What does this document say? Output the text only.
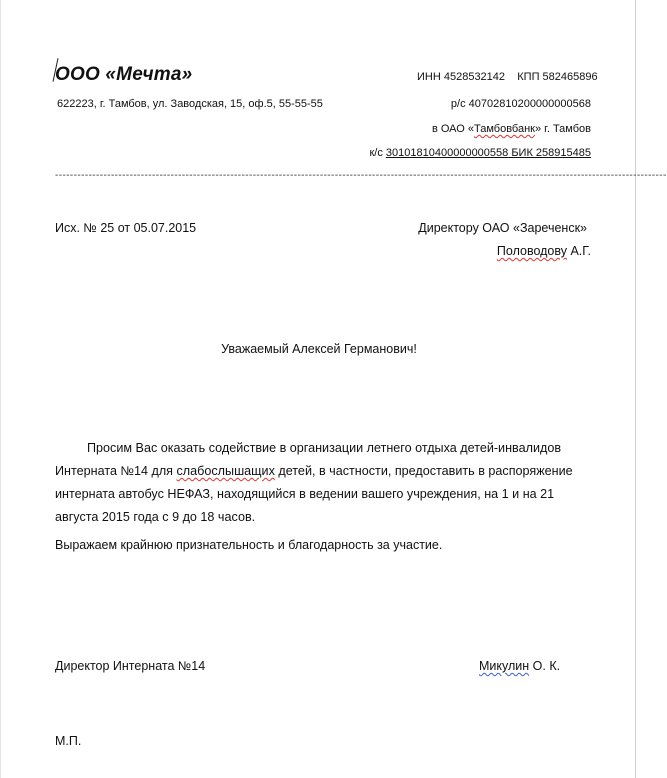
ООО «Мечта»	ИНН 4528532142 КПП 582465896
622223, г. Тамбов, ул. Заводская, 15, оф.5, 55-55-55	р/с 40702810200000000568
в ОАО «Тамбовбанк» г. Тамбов
к/с 30101810400000000558 БИК 258915485
--------------------------------------------------------------------------------------------------------------------------------------------------------------------
Исх. № 25 от 05.07.2015	Директору ОАО «Зареченск»
Половодову А.Г.
Уважаемый Алексей Германович!
Просим Вас оказать содействие в организации летнего отдыха детей-инвалидов Интерната №14 для слабослышащих детей, в частности, предоставить в распоряжение интерната автобус НЕФАЗ, находящийся в ведении вашего учреждения, на 1 и на 21 августа 2015 года с 9 до 18 часов.
Выражаем крайнюю признательность и благодарность за участие.
Директор Интерната №14	Микулин О. К.
М.П.
